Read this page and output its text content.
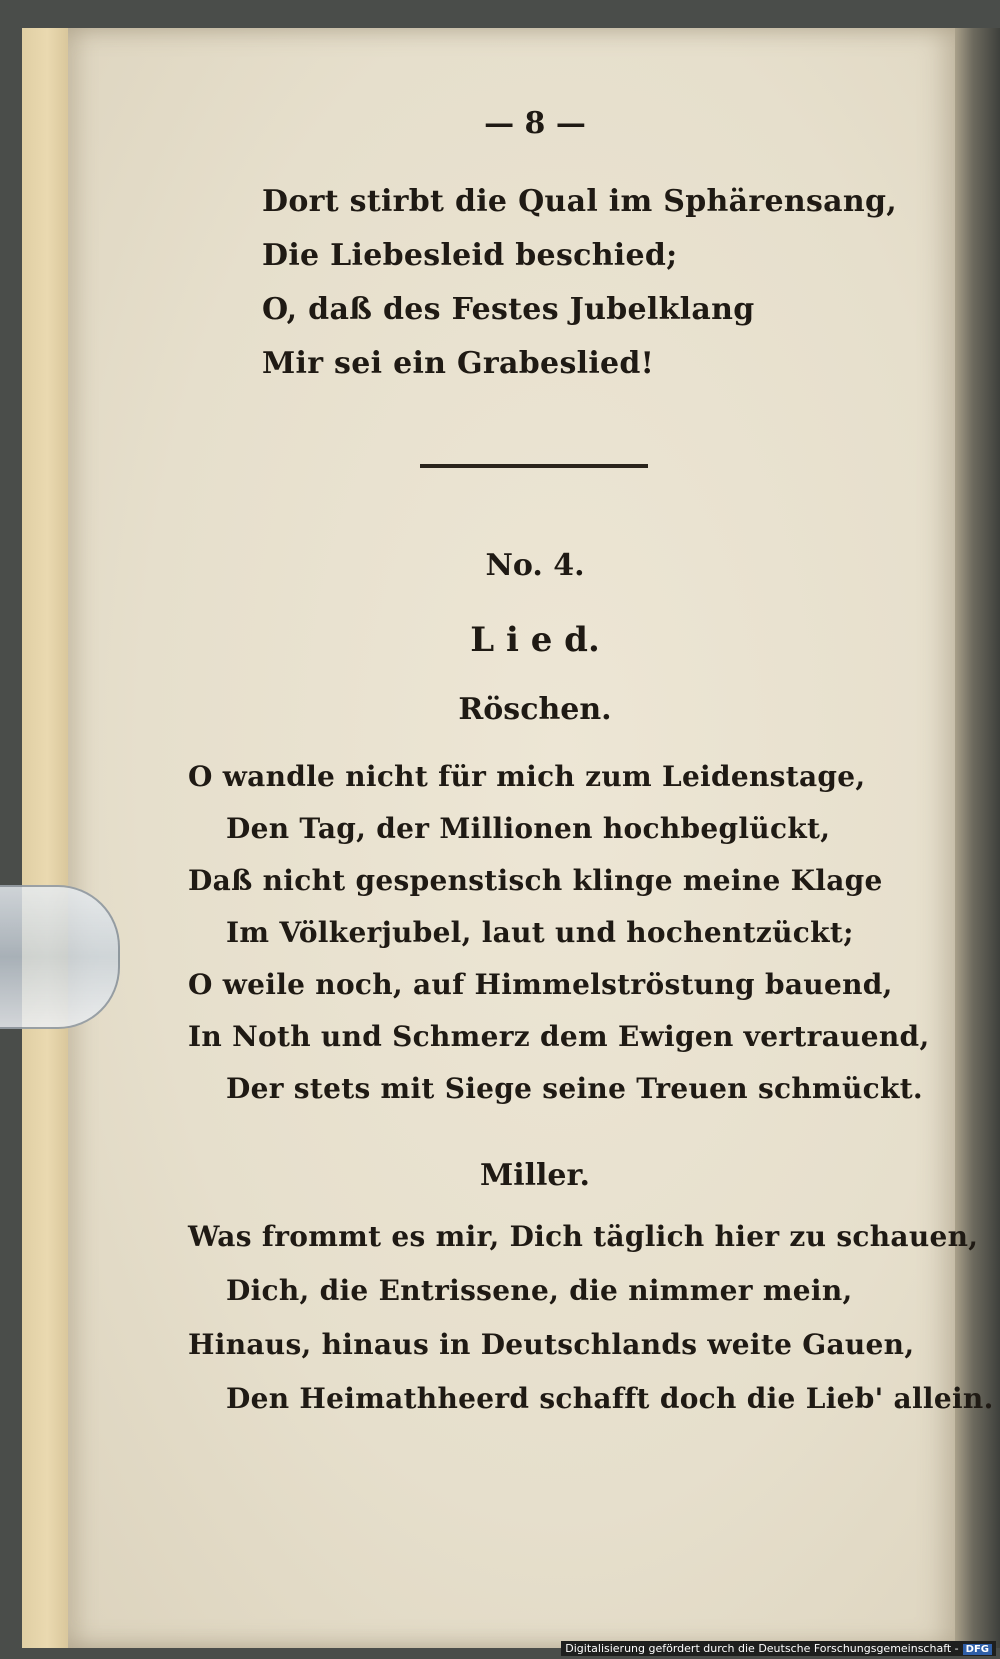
— 8 —
Dort stirbt die Qual im Sphärensang,
Die Liebesleid beschied;
O, daß des Festes Jubelklang
Mir sei ein Grabeslied!
No. 4.
L i e d.
Röschen.
O wandle nicht für mich zum Leidenstage,
Den Tag, der Millionen hochbeglückt,
Daß nicht gespenstisch klinge meine Klage
Im Völkerjubel, laut und hochentzückt;
O weile noch, auf Himmelströstung bauend,
In Noth und Schmerz dem Ewigen vertrauend,
Der stets mit Siege seine Treuen schmückt.
Miller.
Was frommt es mir, Dich täglich hier zu schauen,
Dich, die Entrissene, die nimmer mein,
Hinaus, hinaus in Deutschlands weite Gauen,
Den Heimathheerd schafft doch die Lieb' allein.
Digitalisierung gefördert durch die Deutsche Forschungsgemeinschaft - DFG
